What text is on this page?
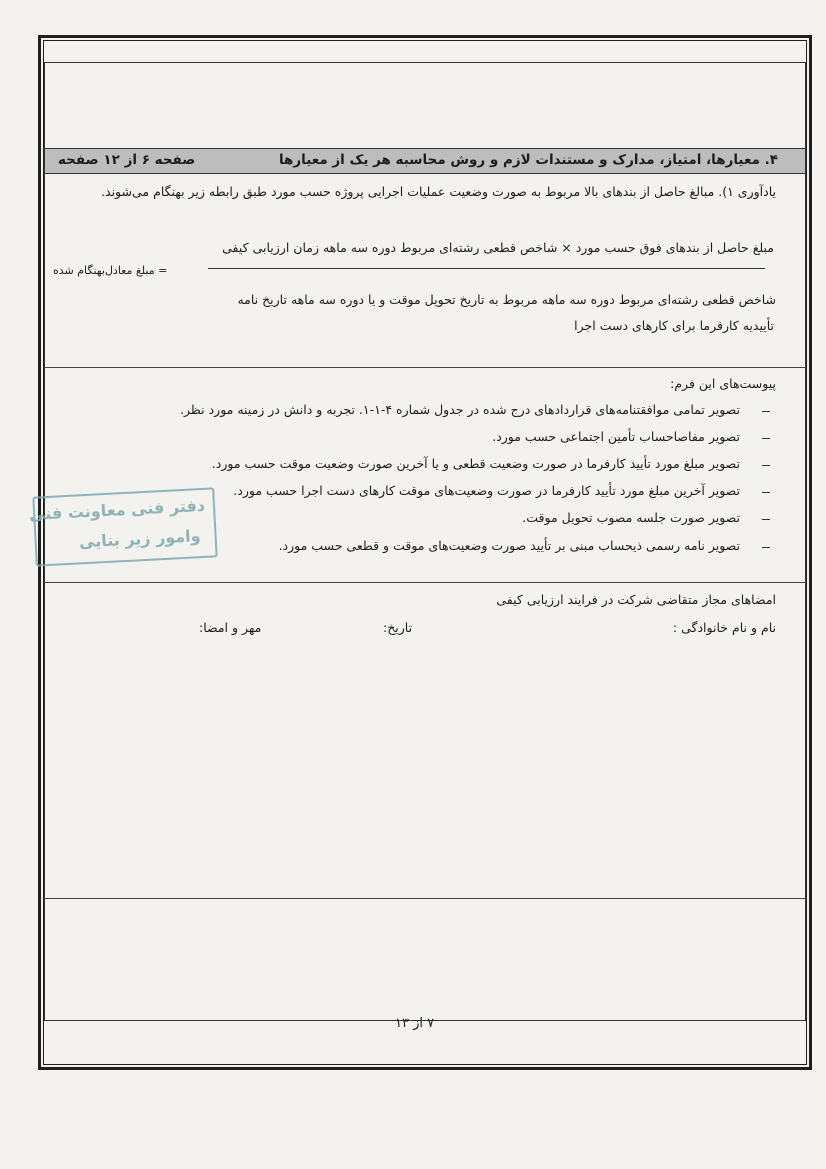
۴. معیارها، امتیاز، مدارک و مستندات لازم و روش محاسبه هر یک از معیارها
صفحه ۶ از ۱۲ صفحه
یادآوری ۱). مبالغ حاصل از بندهای بالا مربوط به صورت وضعیت عملیات اجرایی پروژه حسب مورد طبق رابطه زیر بهنگام می‌شوند.
مبلغ حاصل از بندهای فوق حسب مورد × شاخص قطعی رشته‌ای مربوط دوره سه ماهه زمان ارزیابی کیفی
= مبلغ معادل‌بهنگام شده
شاخص قطعی رشته‌ای مربوط دوره سه ماهه مربوط به تاریخ تحویل موقت و یا دوره سه ماهه تاریخ نامه
تأییدیه کارفرما برای کارهای دست اجرا
پیوست‌های این فرم:
تصویر تمامی موافقتنامه‌های قراردادهای درج شده در جدول شماره ۴-۱-۱. تجربه و دانش در زمینه مورد نظر.
تصویر مفاصاحساب تأمین اجتماعی حسب مورد.
تصویر مبلغ مورد تأیید کارفرما در صورت وضعیت قطعی و یا آخرین صورت وضعیت موقت حسب مورد.
تصویر آخرین مبلغ مورد تأیید کارفرما در صورت وضعیت‌های موقت کارهای دست اجرا حسب مورد.
تصویر صورت جلسه مصوب تحویل موقت.
تصویر نامه رسمی ذیحساب مبنی بر تأیید صورت وضعیت‌های موقت و قطعی حسب مورد.
دفتر فنی معاونت فنی
وامور زیر بنایی
امضاهای مجاز متقاضی شرکت در فرایند ارزیابی کیفی
نام و نام خانوادگی :
تاریخ:
مهر و امضا:
۷ از ۱۳
